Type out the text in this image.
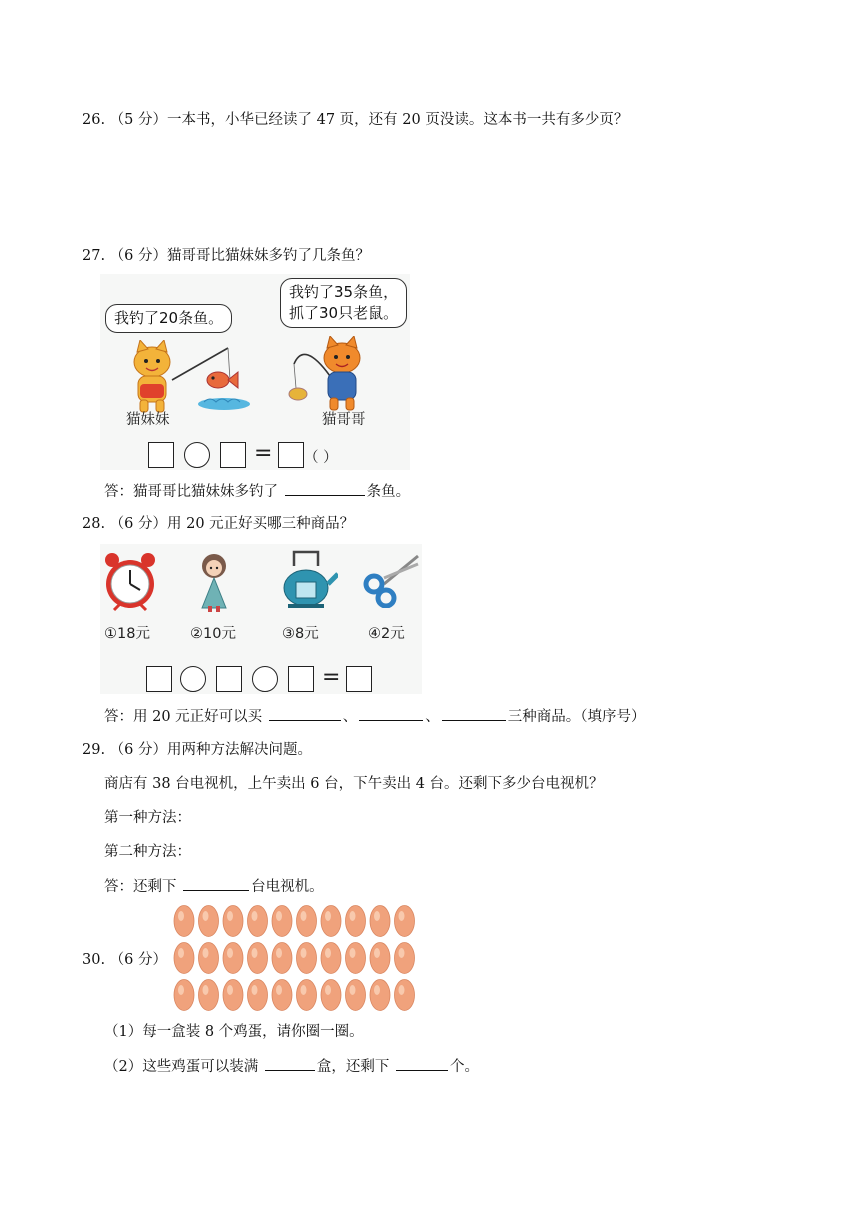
26. （5 分）一本书，小华已经读了 47 页，还有 20 页没读。这本书一共有多少页？
27. （6 分）猫哥哥比猫妹妹多钓了几条鱼？
我钓了20条鱼。
我钓了35条鱼，
抓了30只老鼠。
猫妹妹	猫哥哥
= （ ）
答：猫哥哥比猫妹妹多钓了	条鱼。
28. （6 分）用 20 元正好买哪三种商品？
①18元	②10元	③8元	④2元
=
答：用 20 元正好可以买	、	、	三种商品。（填序号）
29. （6 分）用两种方法解决问题。
商店有 38 台电视机，上午卖出 6 台，下午卖出 4 台。还剩下多少台电视机？
第一种方法：
第二种方法：
答：还剩下	台电视机。
30. （6 分）
（1）每一盒装 8 个鸡蛋，请你圈一圈。
（2）这些鸡蛋可以装满	盒，还剩下	个。
